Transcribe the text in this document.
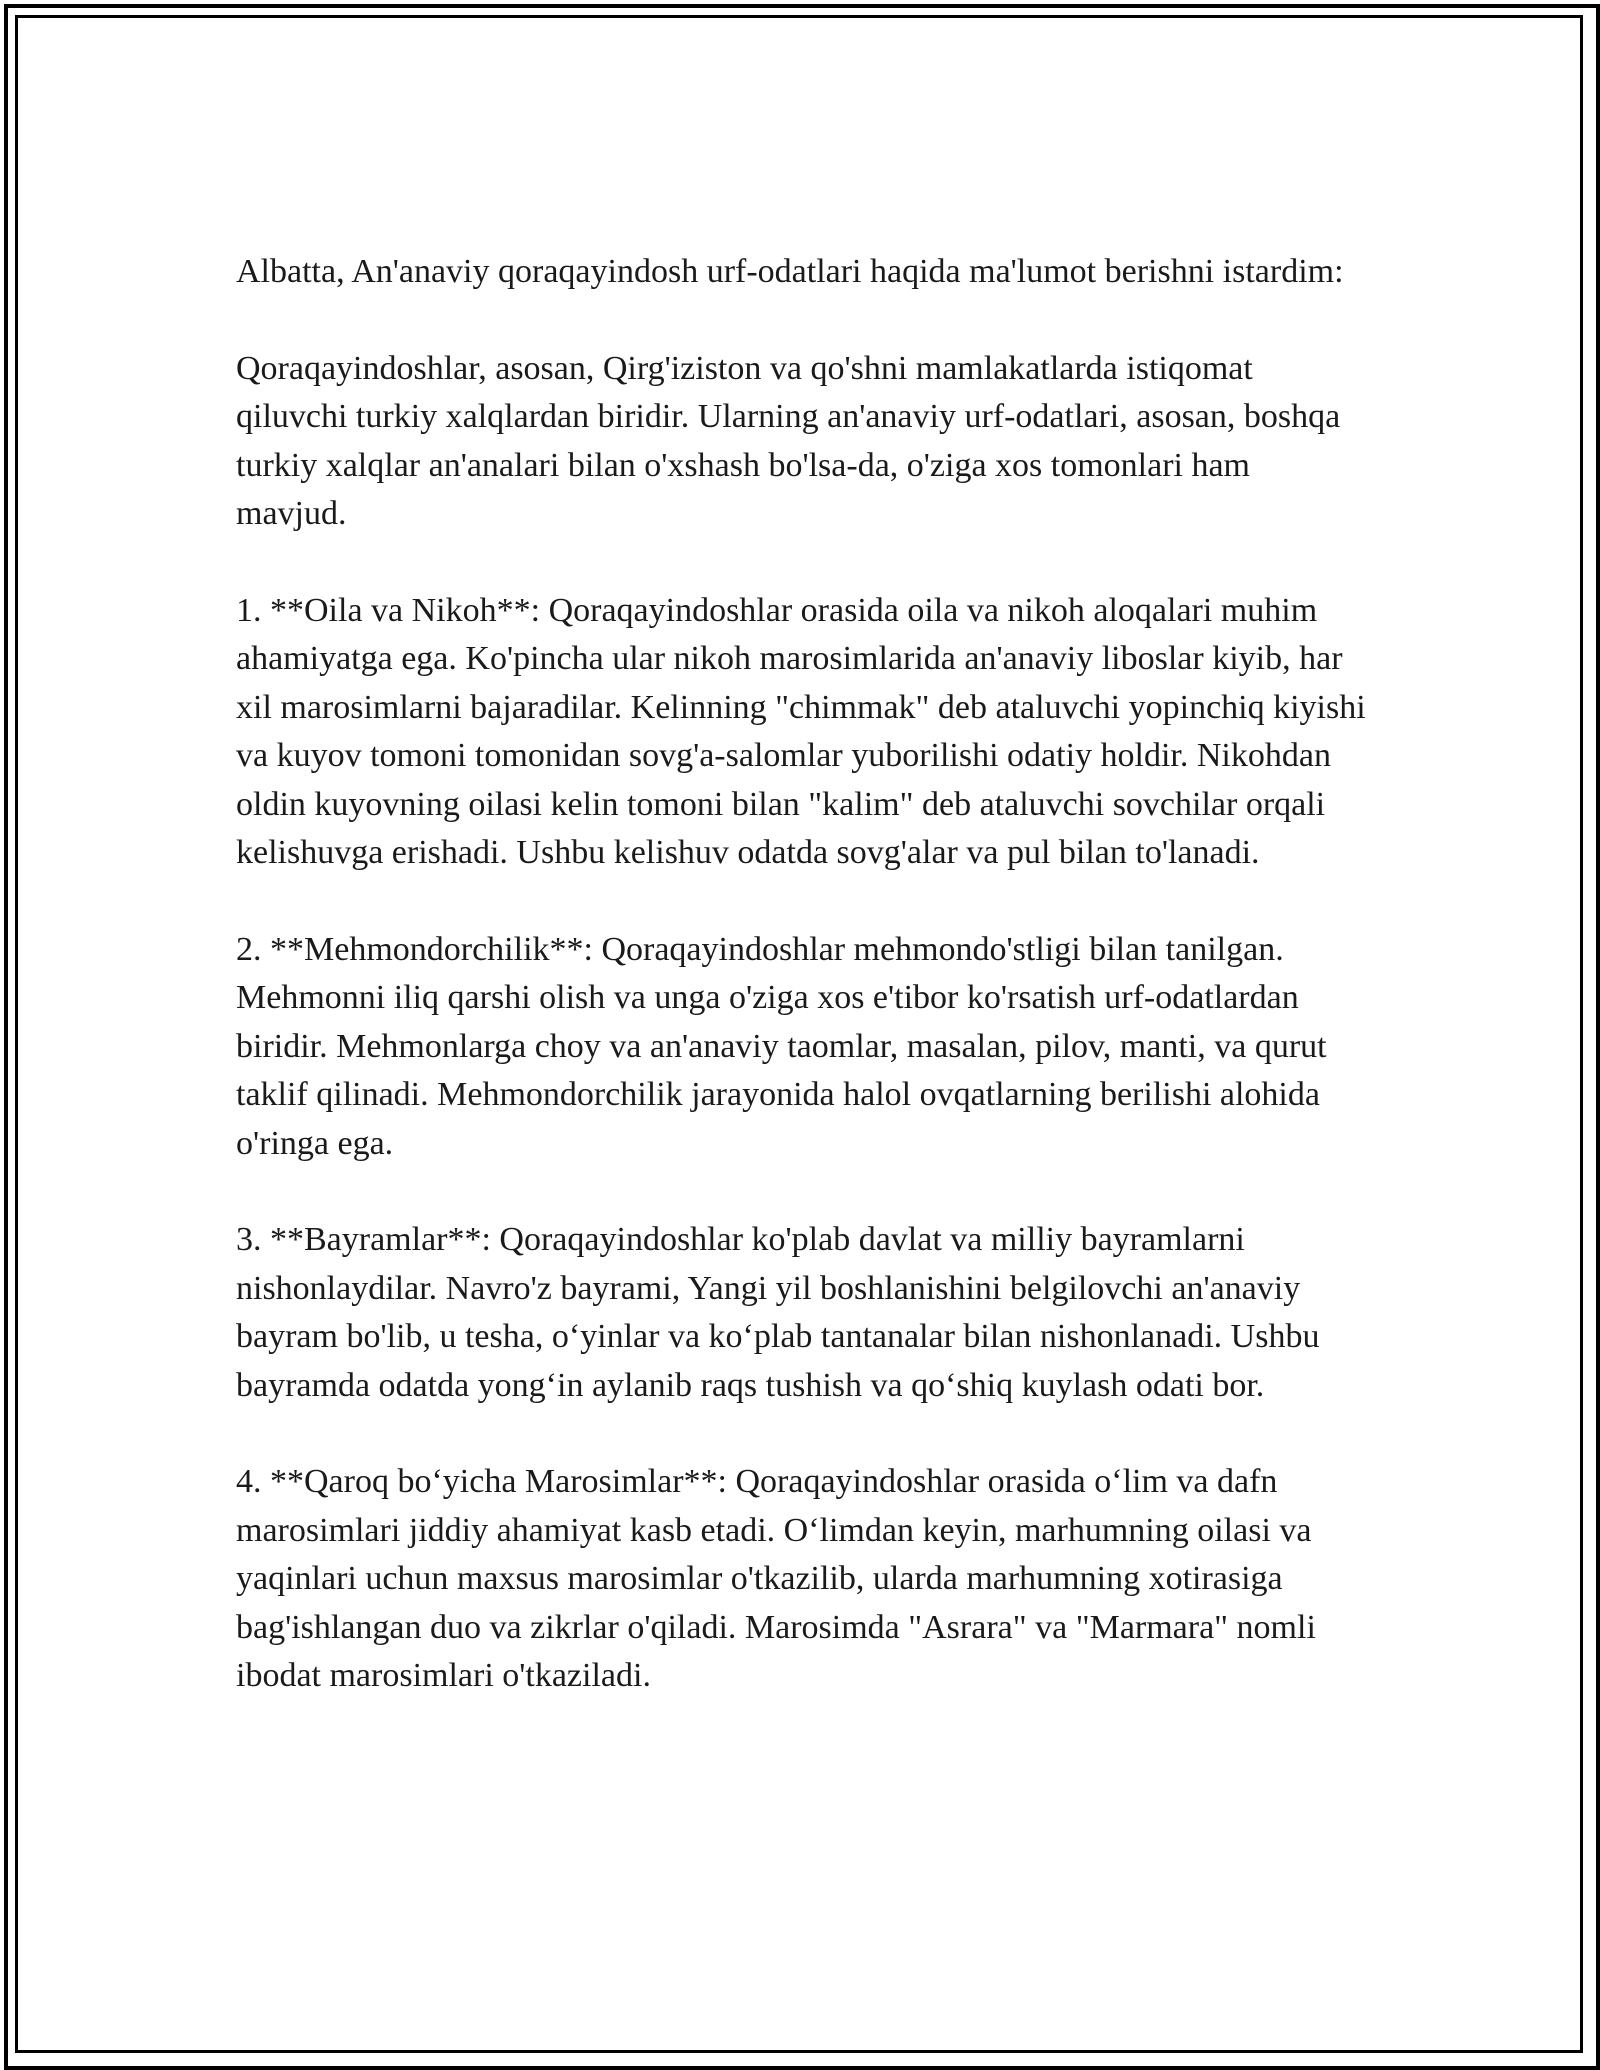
Albatta, An'anaviy qoraqayindosh urf-odatlari haqida ma'lumot berishni istardim:

Qoraqayindoshlar, asosan, Qirg'iziston va qo'shni mamlakatlarda istiqomat qiluvchi turkiy xalqlardan biridir. Ularning an'anaviy urf-odatlari, asosan, boshqa turkiy xalqlar an'analari bilan o'xshash bo'lsa-da, o'ziga xos tomonlari ham mavjud.

1. **Oila va Nikoh**: Qoraqayindoshlar orasida oila va nikoh aloqalari muhim ahamiyatga ega. Ko'pincha ular nikoh marosimlarida an'anaviy liboslar kiyib, har xil marosimlarni bajaradilar. Kelinning "chimmak" deb ataluvchi yopinchiq kiyishi va kuyov tomoni tomonidan sovg'a-salomlar yuborilishi odatiy holdir. Nikohdan oldin kuyovning oilasi kelin tomoni bilan "kalim" deb ataluvchi sovchilar orqali kelishuvga erishadi. Ushbu kelishuv odatda sovg'alar va pul bilan to'lanadi.

2. **Mehmondorchilik**: Qoraqayindoshlar mehmondo'stligi bilan tanilgan. Mehmonni iliq qarshi olish va unga o'ziga xos e'tibor ko'rsatish urf-odatlardan biridir. Mehmonlarga choy va an'anaviy taomlar, masalan, pilov, manti, va qurut taklif qilinadi. Mehmondorchilik jarayonida halol ovqatlarning berilishi alohida o'ringa ega.

3. **Bayramlar**: Qoraqayindoshlar ko'plab davlat va milliy bayramlarni nishonlaydilar. Navro'z bayrami, Yangi yil boshlanishini belgilovchi an'anaviy bayram bo'lib, u tesha, o‘yinlar va ko‘plab tantanalar bilan nishonlanadi. Ushbu bayramda odatda yong‘in aylanib raqs tushish va qo‘shiq kuylash odati bor.

4. **Qaroq bo‘yicha Marosimlar**: Qoraqayindoshlar orasida o‘lim va dafn marosimlari jiddiy ahamiyat kasb etadi. O‘limdan keyin, marhumning oilasi va yaqinlari uchun maxsus marosimlar o'tkazilib, ularda marhumning xotirasiga bag'ishlangan duo va zikrlar o'qiladi. Marosimda "Asrara" va "Marmara" nomli ibodat marosimlari o'tkaziladi.
